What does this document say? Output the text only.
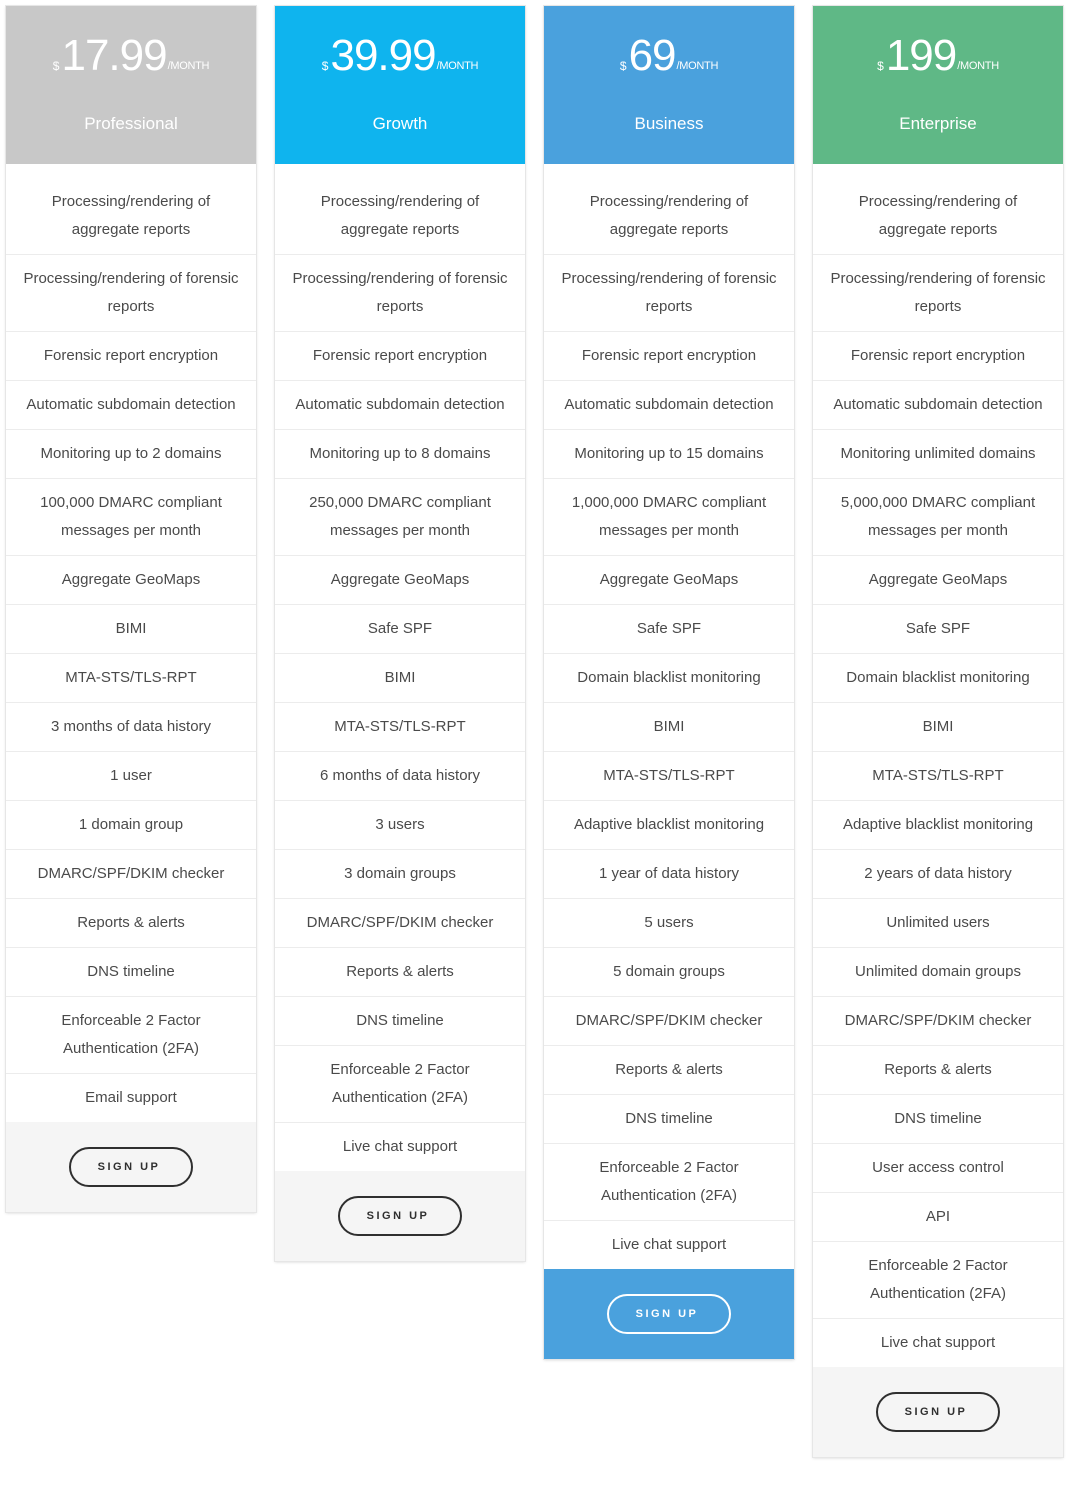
$ 17.99 /MONTH
Professional
Processing/rendering of aggregate reports
Processing/rendering of forensic reports
Forensic report encryption
Automatic subdomain detection
Monitoring up to 2 domains
100,000 DMARC compliant messages per month
Aggregate GeoMaps
BIMI
MTA-STS/TLS-RPT
3 months of data history
1 user
1 domain group
DMARC/SPF/DKIM checker
Reports & alerts
DNS timeline
Enforceable 2 Factor Authentication (2FA)
Email support
SIGN UP
$ 39.99 /MONTH
Growth
Processing/rendering of aggregate reports
Processing/rendering of forensic reports
Forensic report encryption
Automatic subdomain detection
Monitoring up to 8 domains
250,000 DMARC compliant messages per month
Aggregate GeoMaps
Safe SPF
BIMI
MTA-STS/TLS-RPT
6 months of data history
3 users
3 domain groups
DMARC/SPF/DKIM checker
Reports & alerts
DNS timeline
Enforceable 2 Factor Authentication (2FA)
Live chat support
SIGN UP
$ 69 /MONTH
Business
Processing/rendering of aggregate reports
Processing/rendering of forensic reports
Forensic report encryption
Automatic subdomain detection
Monitoring up to 15 domains
1,000,000 DMARC compliant messages per month
Aggregate GeoMaps
Safe SPF
Domain blacklist monitoring
BIMI
MTA-STS/TLS-RPT
Adaptive blacklist monitoring
1 year of data history
5 users
5 domain groups
DMARC/SPF/DKIM checker
Reports & alerts
DNS timeline
Enforceable 2 Factor Authentication (2FA)
Live chat support
SIGN UP
$ 199 /MONTH
Enterprise
Processing/rendering of aggregate reports
Processing/rendering of forensic reports
Forensic report encryption
Automatic subdomain detection
Monitoring unlimited domains
5,000,000 DMARC compliant messages per month
Aggregate GeoMaps
Safe SPF
Domain blacklist monitoring
BIMI
MTA-STS/TLS-RPT
Adaptive blacklist monitoring
2 years of data history
Unlimited users
Unlimited domain groups
DMARC/SPF/DKIM checker
Reports & alerts
DNS timeline
User access control
API
Enforceable 2 Factor Authentication (2FA)
Live chat support
SIGN UP
